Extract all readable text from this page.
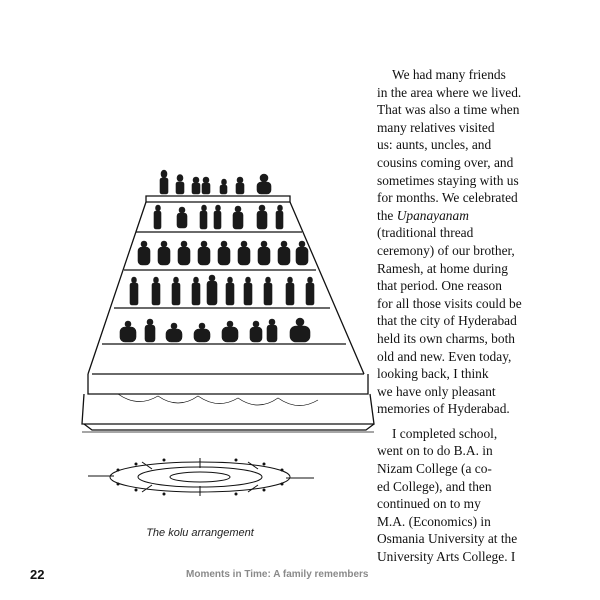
The kolu arrangement
We had many friends
in the area where we lived.
That was also a time when
many relatives visited
us: aunts, uncles, and
cousins coming over, and
sometimes staying with us
for months. We celebrated
the Upanayanam
(traditional thread
ceremony) of our brother,
Ramesh, at home during
that period. One reason
for all those visits could be
that the city of Hyderabad
held its own charms, both
old and new. Even today,
looking back, I think
we have only pleasant
memories of Hyderabad.
I completed school,
went on to do B.A. in
Nizam College (a co-
ed College), and then
continued on to my
M.A. (Economics) in
Osmania University at the
University Arts College. I
22	Moments in Time: A family remembers
